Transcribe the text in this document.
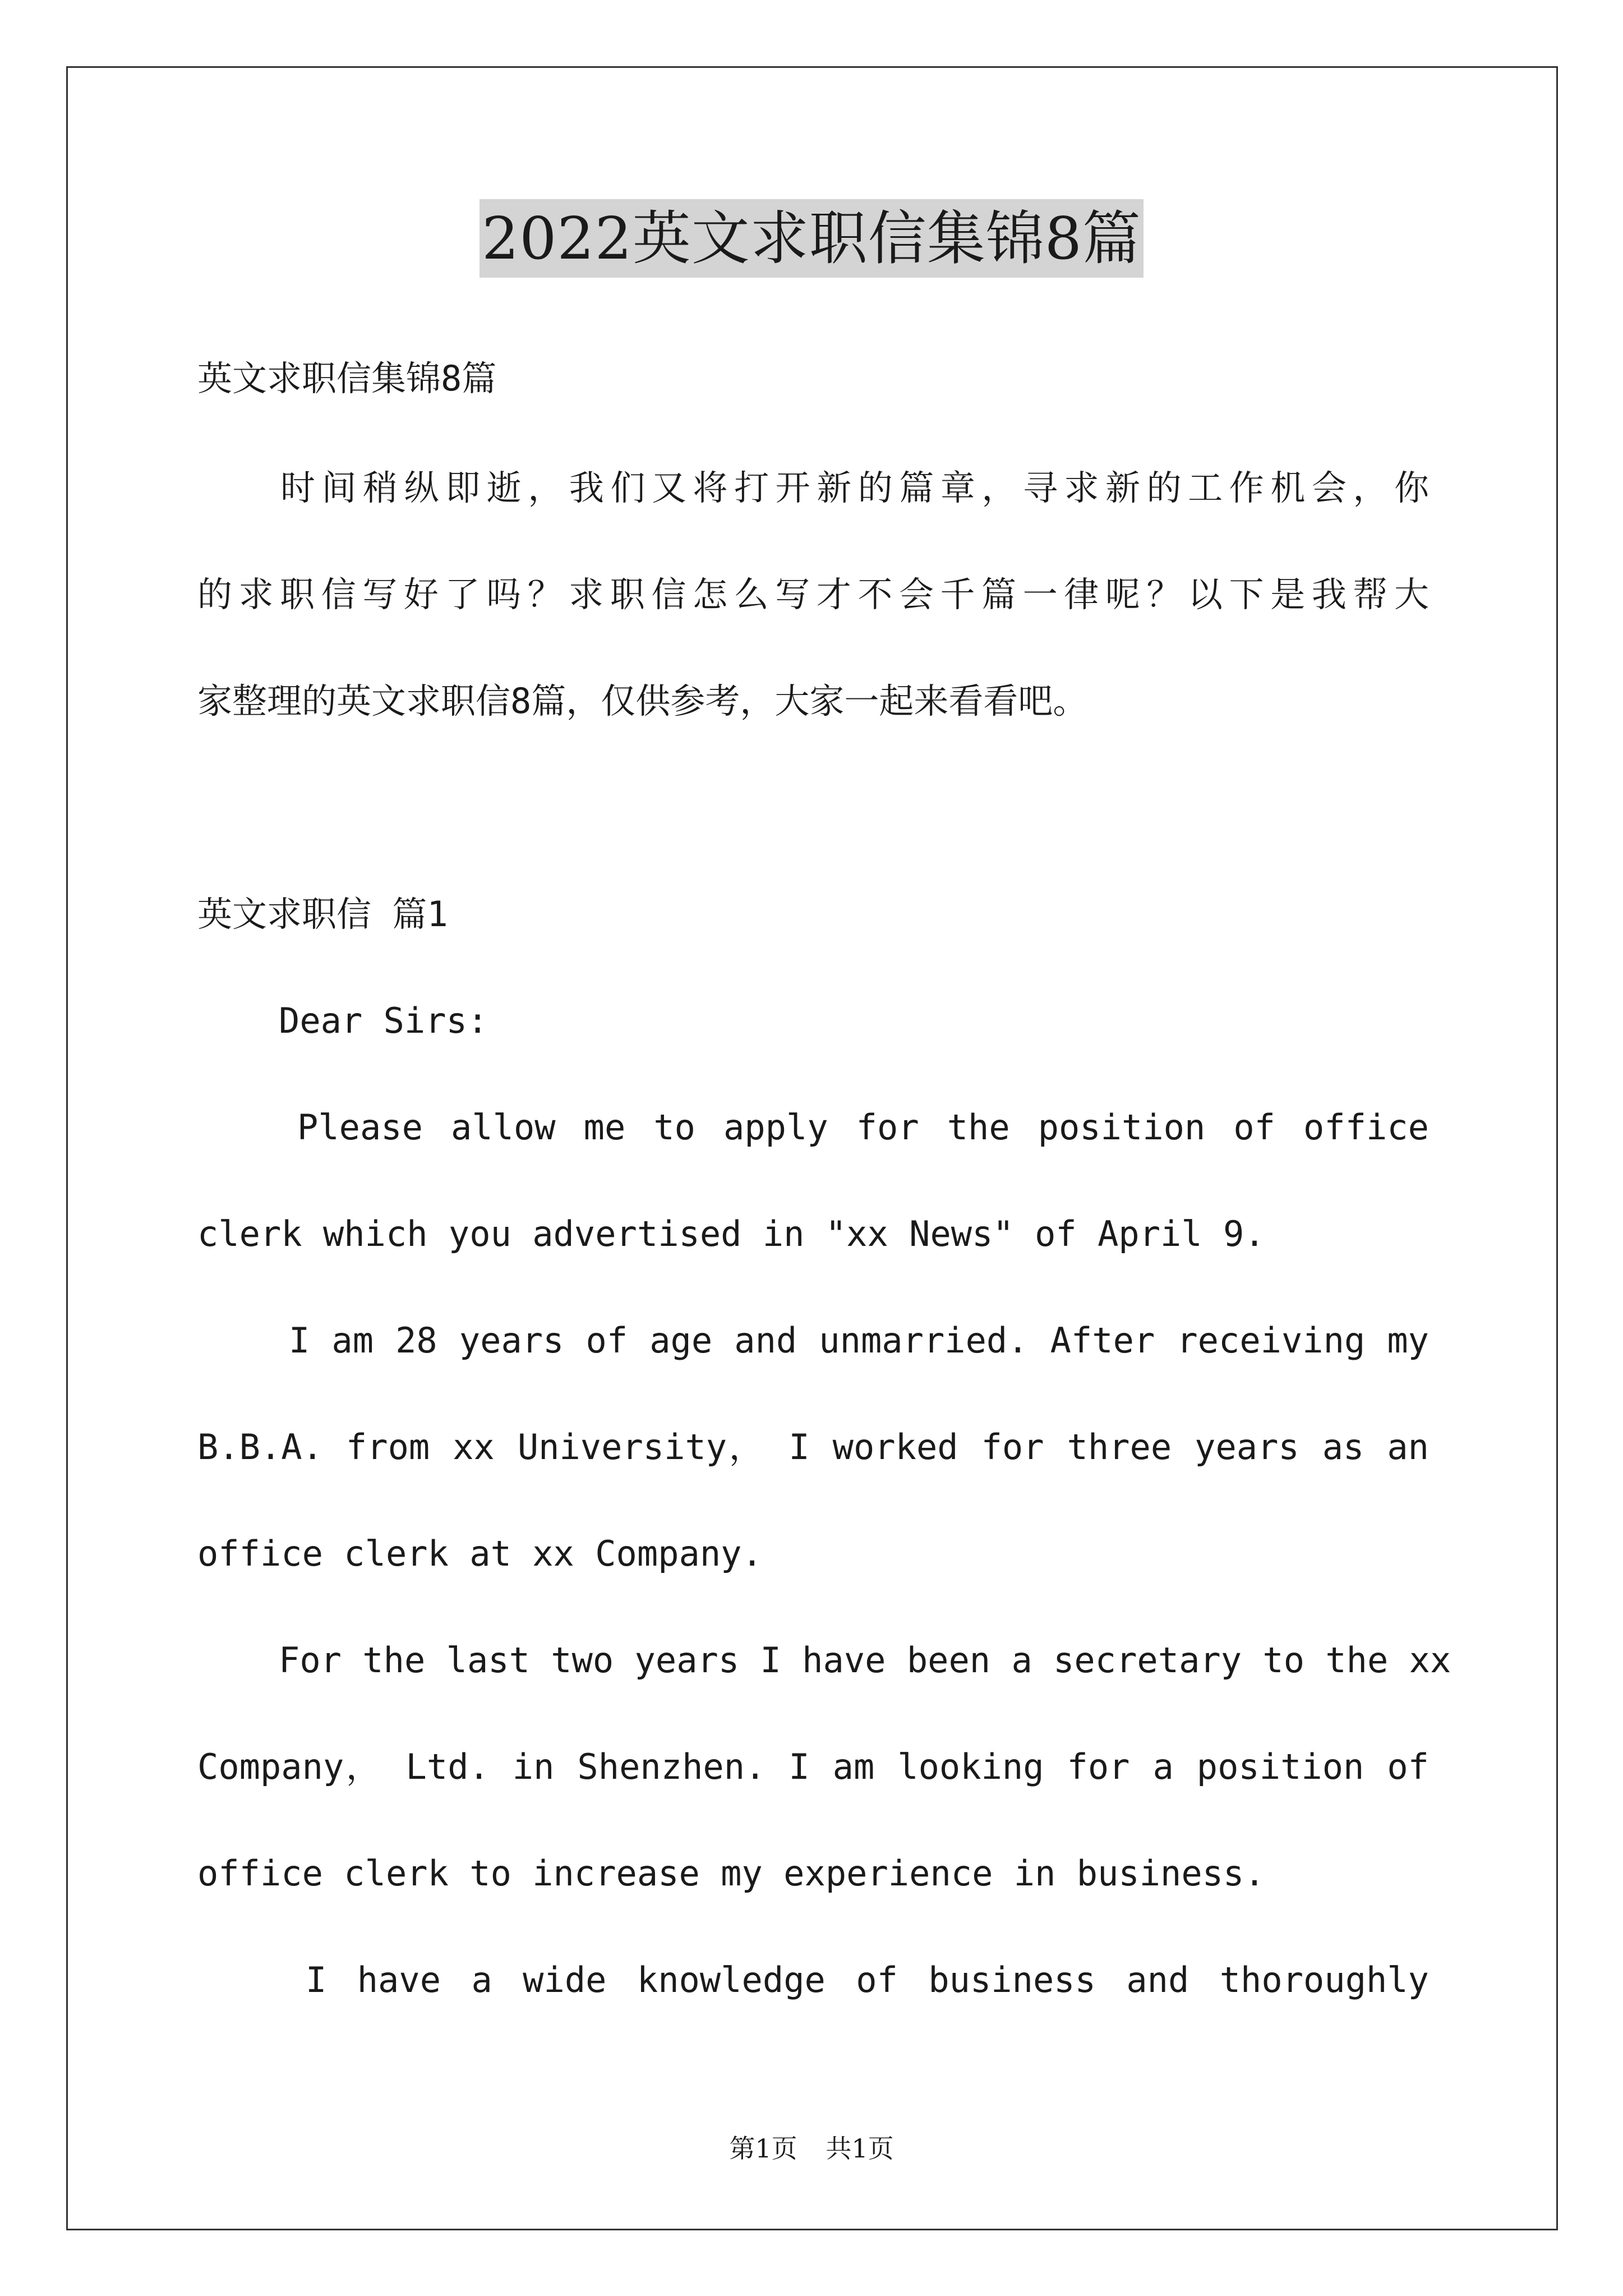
2022英文求职信集锦8篇
英文求职信集锦8篇
时间稍纵即逝，我们又将打开新的篇章，寻求新的工作机会，你
的求职信写好了吗？求职信怎么写才不会千篇一律呢？以下是我帮大
家整理的英文求职信8篇，仅供参考，大家一起来看看吧。
英文求职信 篇1
Dear Sirs:
Please allow me to apply for the position of office
clerk which you advertised in "xx News" of April 9.
I am 28 years of age and unmarried. After receiving my
B.B.A. from xx University， I worked for three years as an
office clerk at xx Company.
For the last two years I have been a secretary to the xx
Company， Ltd. in Shenzhen. I am looking for a position of
office clerk to increase my experience in business.
I have a wide knowledge of business and thoroughly
第1页 共1页
